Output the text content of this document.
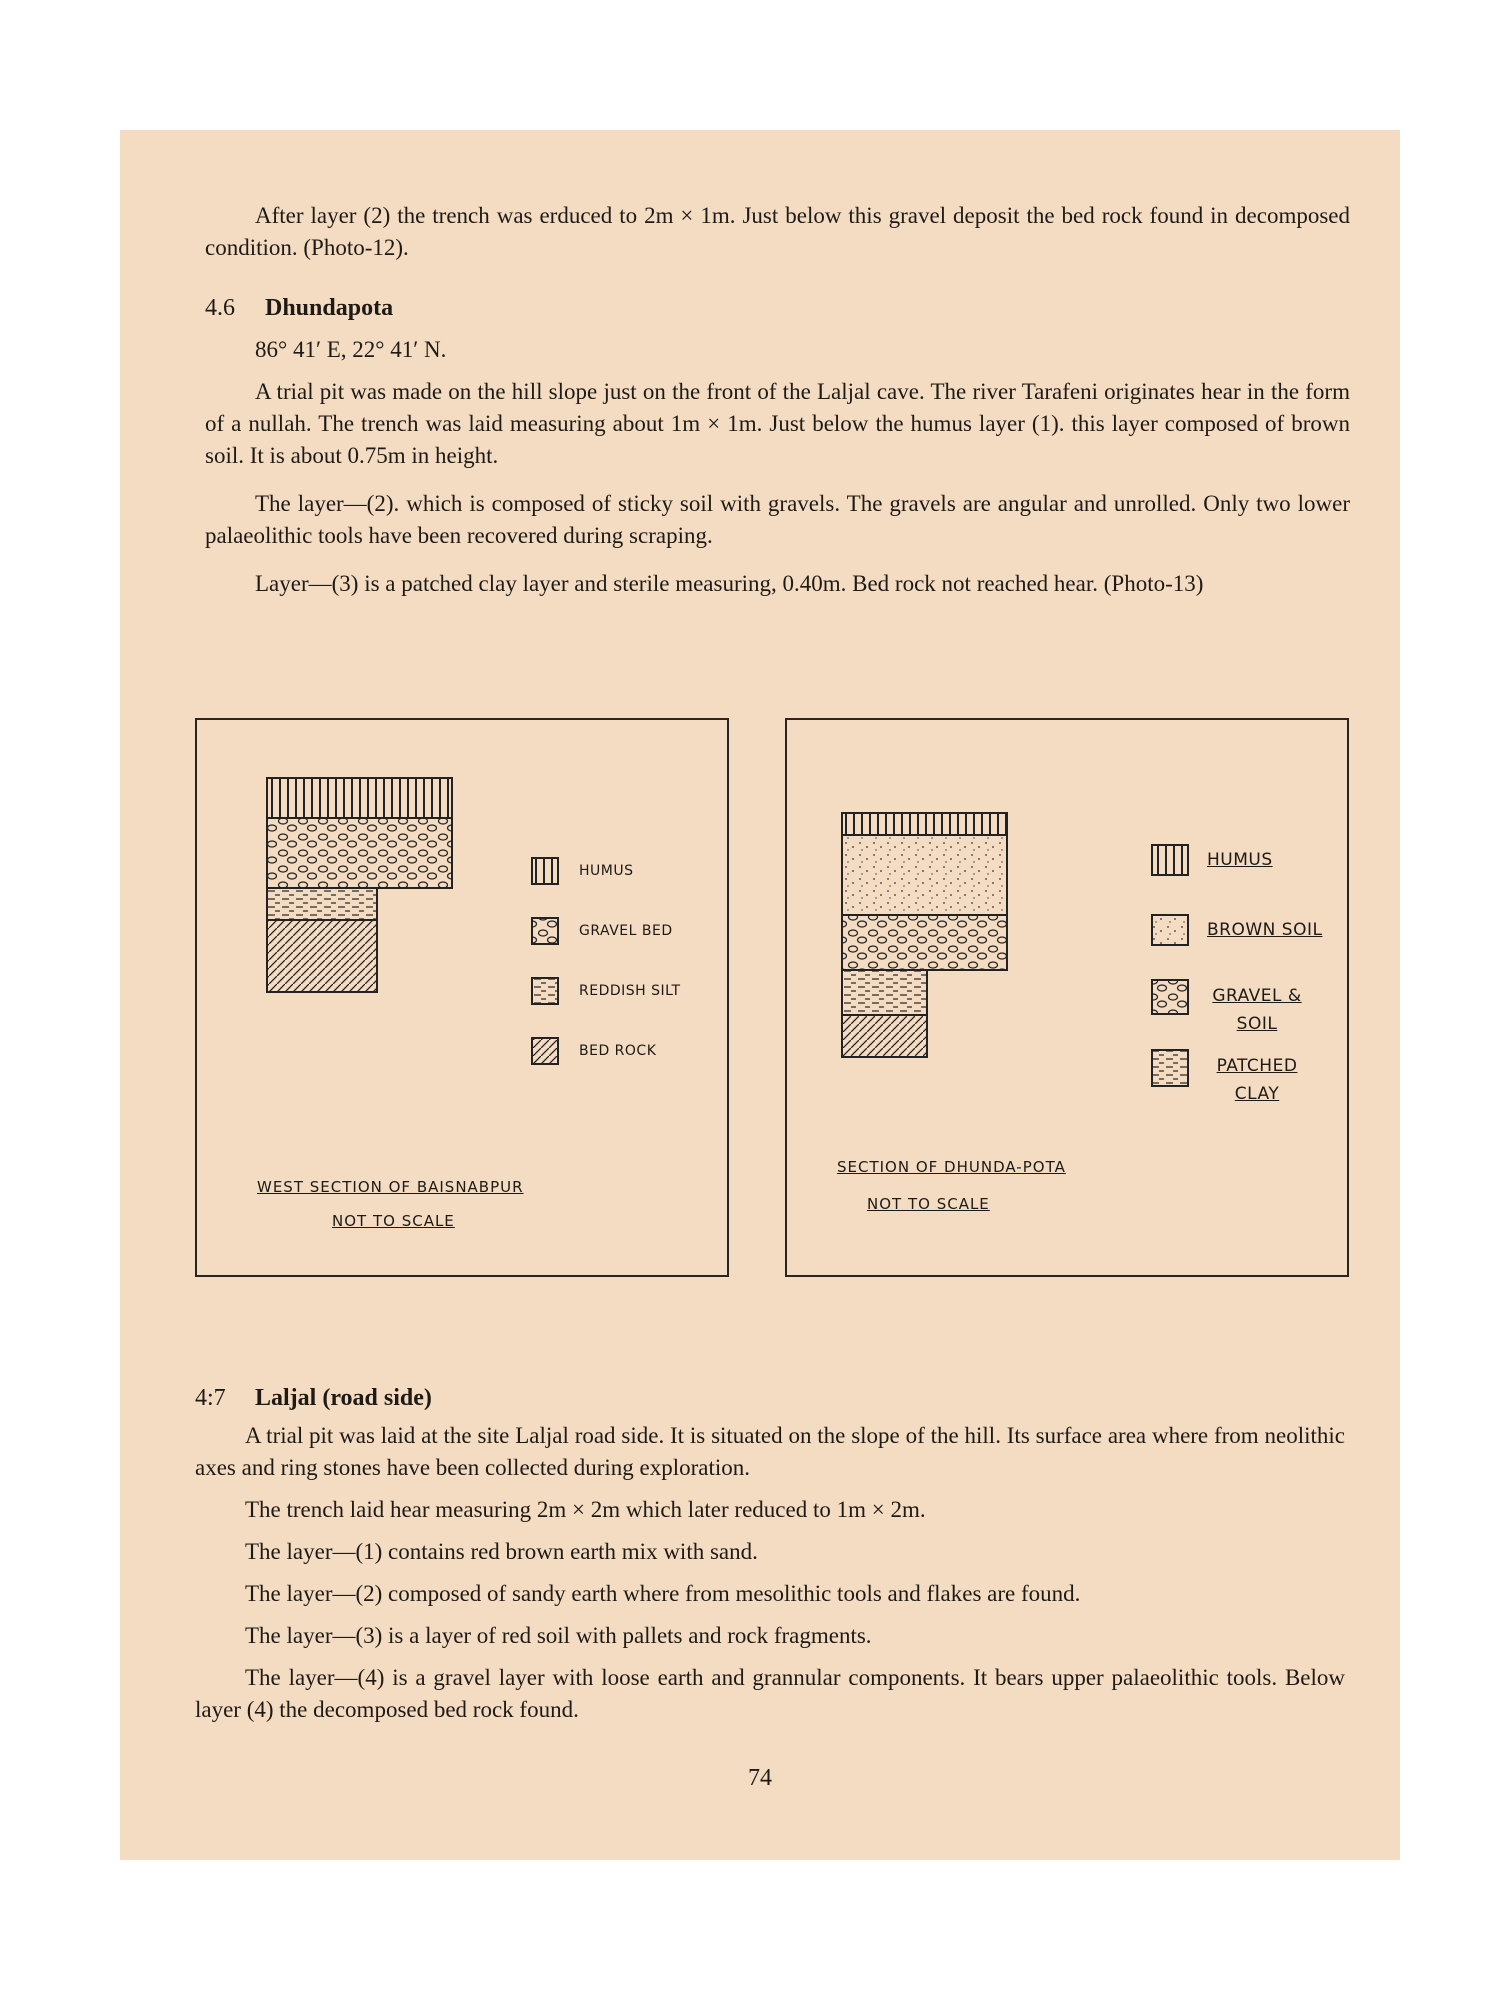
After layer (2) the trench was erduced to 2m × 1m. Just below this gravel deposit the bed rock found in decomposed condition. (Photo-12).

4.6 Dhundapota

86° 41′ E, 22° 41′ N.

A trial pit was made on the hill slope just on the front of the Laljal cave. The river Tarafeni originates hear in the form of a nullah. The trench was laid measuring about 1m × 1m. Just below the humus layer (1). this layer composed of brown soil. It is about 0.75m in height.

The layer—(2). which is composed of sticky soil with gravels. The gravels are angular and unrolled. Only two lower palaeolithic tools have been recovered during scraping.

Layer—(3) is a patched clay layer and sterile measuring, 0.40m. Bed rock not reached hear. (Photo-13)

HUMUS
GRAVEL BED
REDDISH SILT
BED ROCK
WEST SECTION OF BAISNABPUR
NOT TO SCALE
HUMUS
BROWN SOIL
GRAVEL & SOIL
PATCHED CLAY
SECTION OF DHUNDA-POTA
NOT TO SCALE

4:7 Laljal (road side)

A trial pit was laid at the site Laljal road side. It is situated on the slope of the hill. Its surface area where from neolithic axes and ring stones have been collected during exploration.

The trench laid hear measuring 2m × 2m which later reduced to 1m × 2m.

The layer—(1) contains red brown earth mix with sand.

The layer—(2) composed of sandy earth where from mesolithic tools and flakes are found.

The layer—(3) is a layer of red soil with pallets and rock fragments.

The layer—(4) is a gravel layer with loose earth and grannular components. It bears upper palaeolithic tools. Below layer (4) the decomposed bed rock found.

74
